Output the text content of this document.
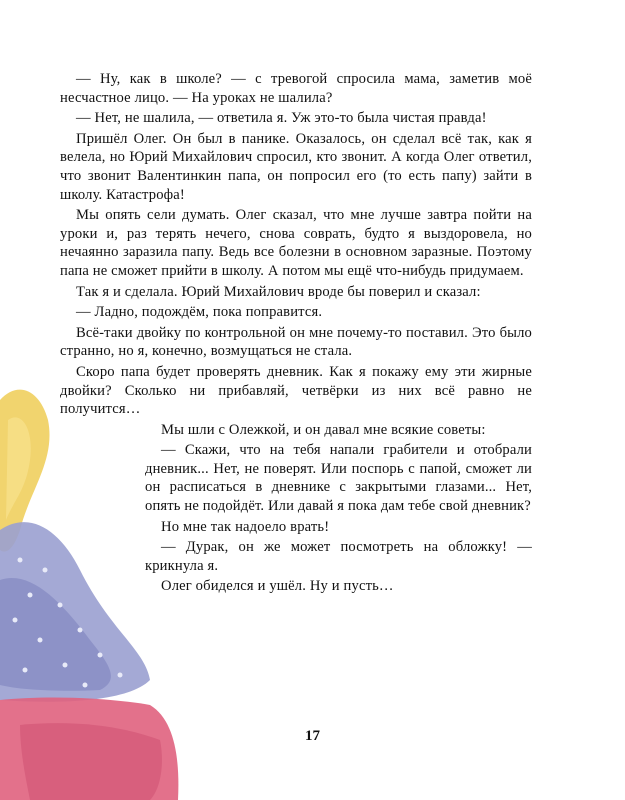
— Ну, как в школе? — с тревогой спросила мама, заметив моё несчастное лицо. — На уроках не шалила?

— Нет, не шалила, — ответила я. Уж это-то была чистая правда!

Пришёл Олег. Он был в панике. Оказалось, он сделал всё так, как я велела, но Юрий Михайлович спросил, кто звонит. А когда Олег ответил, что звонит Валентинкин папа, он попросил его (то есть папу) зайти в школу. Катастрофа!

Мы опять сели думать. Олег сказал, что мне лучше завтра пойти на уроки и, раз терять нечего, снова соврать, будто я выздоровела, но нечаянно заразила папу. Ведь все болезни в основном заразные. Поэтому папа не сможет прийти в школу. А потом мы ещё что-нибудь придумаем.

Так я и сделала. Юрий Михайлович вроде бы поверил и сказал:

— Ладно, подождём, пока поправится.

Всё-таки двойку по контрольной он мне почему-то поставил. Это было странно, но я, конечно, возмущаться не стала.

Скоро папа будет проверять дневник. Как я покажу ему эти жирные двойки? Сколько ни прибавляй, четвёрки из них всё равно не получится…

Мы шли с Олежкой, и он давал мне всякие советы:

— Скажи, что на тебя напали грабители и отобрали дневник... Нет, не поверят. Или поспорь с папой, сможет ли он расписаться в дневнике с закрытыми глазами... Нет, опять не подойдёт. Или давай я пока дам тебе свой дневник?

Но мне так надоело врать!

— Дурак, он же может посмотреть на обложку! — крикнула я.

Олег обиделся и ушёл. Ну и пусть…

17
